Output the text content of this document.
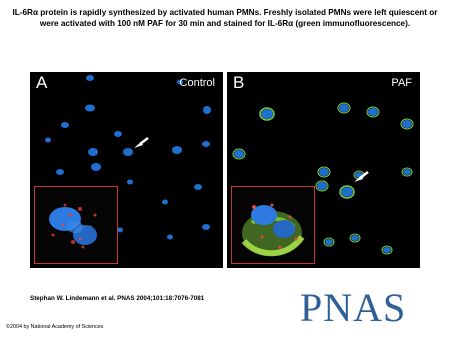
IL-6Rα protein is rapidly synthesized by activated human PMNs. Freshly isolated PMNs were left quiescent or were activated with 100 nM PAF for 30 min and stained for IL-6Rα (green immunofluorescence).
A	Control B	PAF
Stephan W. Lindemann et al. PNAS 2004;101:18:7076-7081 PNAS
©2004 by National Academy of Sciences
